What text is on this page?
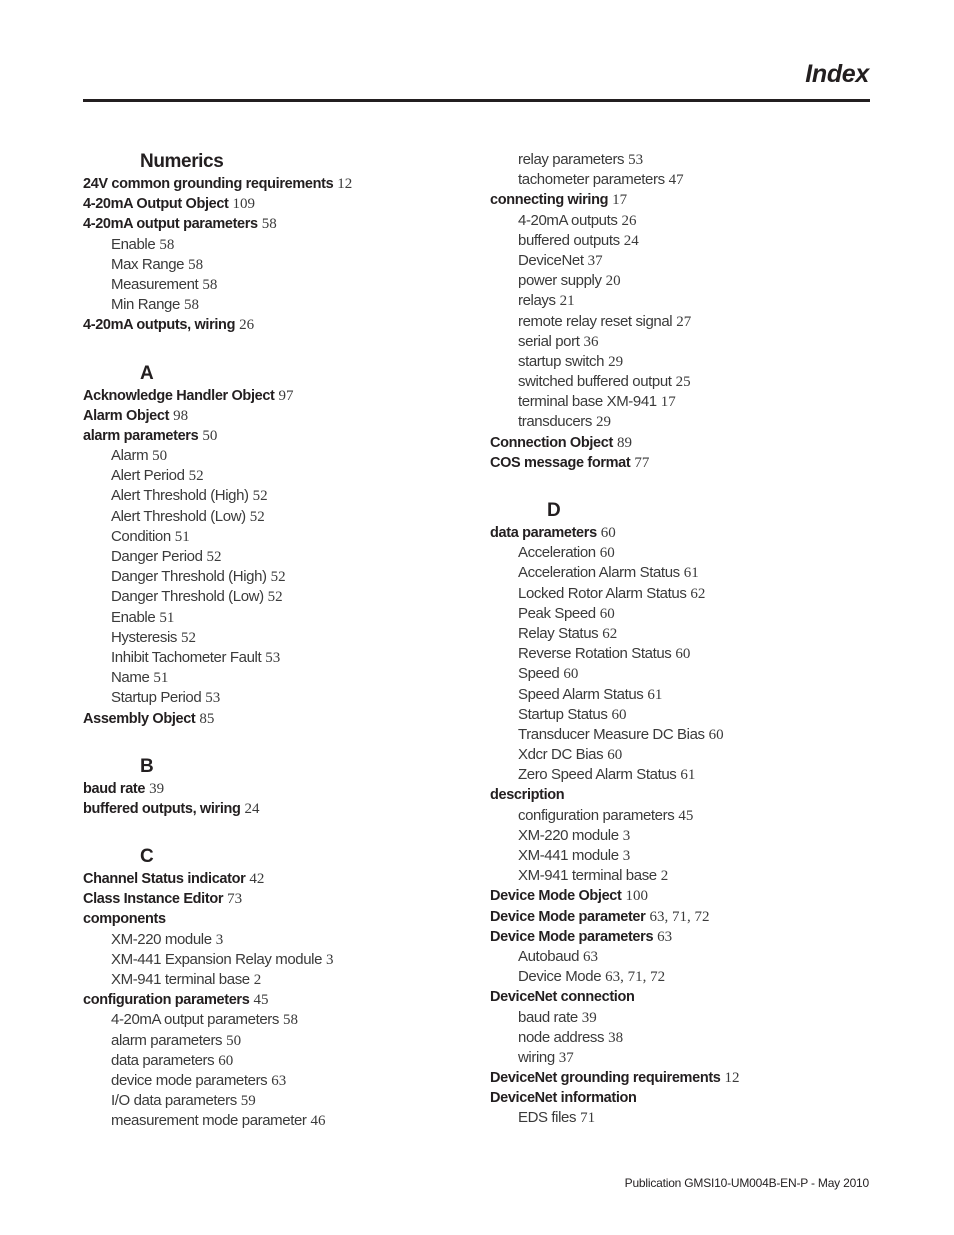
Index
Numerics
24V common grounding requirements 12
4-20mA Output Object 109
4-20mA output parameters 58
Enable 58
Max Range 58
Measurement 58
Min Range 58
4-20mA outputs, wiring 26
A
Acknowledge Handler Object 97
Alarm Object 98
alarm parameters 50
Alarm 50
Alert Period 52
Alert Threshold (High) 52
Alert Threshold (Low) 52
Condition 51
Danger Period 52
Danger Threshold (High) 52
Danger Threshold (Low) 52
Enable 51
Hysteresis 52
Inhibit Tachometer Fault 53
Name 51
Startup Period 53
Assembly Object 85
B
baud rate 39
buffered outputs, wiring 24
C
Channel Status indicator 42
Class Instance Editor 73
components
XM-220 module 3
XM-441 Expansion Relay module 3
XM-941 terminal base 2
configuration parameters 45
4-20mA output parameters 58
alarm parameters 50
data parameters 60
device mode parameters 63
I/O data parameters 59
measurement mode parameter 46
relay parameters 53
tachometer parameters 47
connecting wiring 17
4-20mA outputs 26
buffered outputs 24
DeviceNet 37
power supply 20
relays 21
remote relay reset signal 27
serial port 36
startup switch 29
switched buffered output 25
terminal base XM-941 17
transducers 29
Connection Object 89
COS message format 77
D
data parameters 60
Acceleration 60
Acceleration Alarm Status 61
Locked Rotor Alarm Status 62
Peak Speed 60
Relay Status 62
Reverse Rotation Status 60
Speed 60
Speed Alarm Status 61
Startup Status 60
Transducer Measure DC Bias 60
Xdcr DC Bias 60
Zero Speed Alarm Status 61
description
configuration parameters 45
XM-220 module 3
XM-441 module 3
XM-941 terminal base 2
Device Mode Object 100
Device Mode parameter 63, 71, 72
Device Mode parameters 63
Autobaud 63
Device Mode 63, 71, 72
DeviceNet connection
baud rate 39
node address 38
wiring 37
DeviceNet grounding requirements 12
DeviceNet information
EDS files 71
Publication GMSI10-UM004B-EN-P - May 2010
